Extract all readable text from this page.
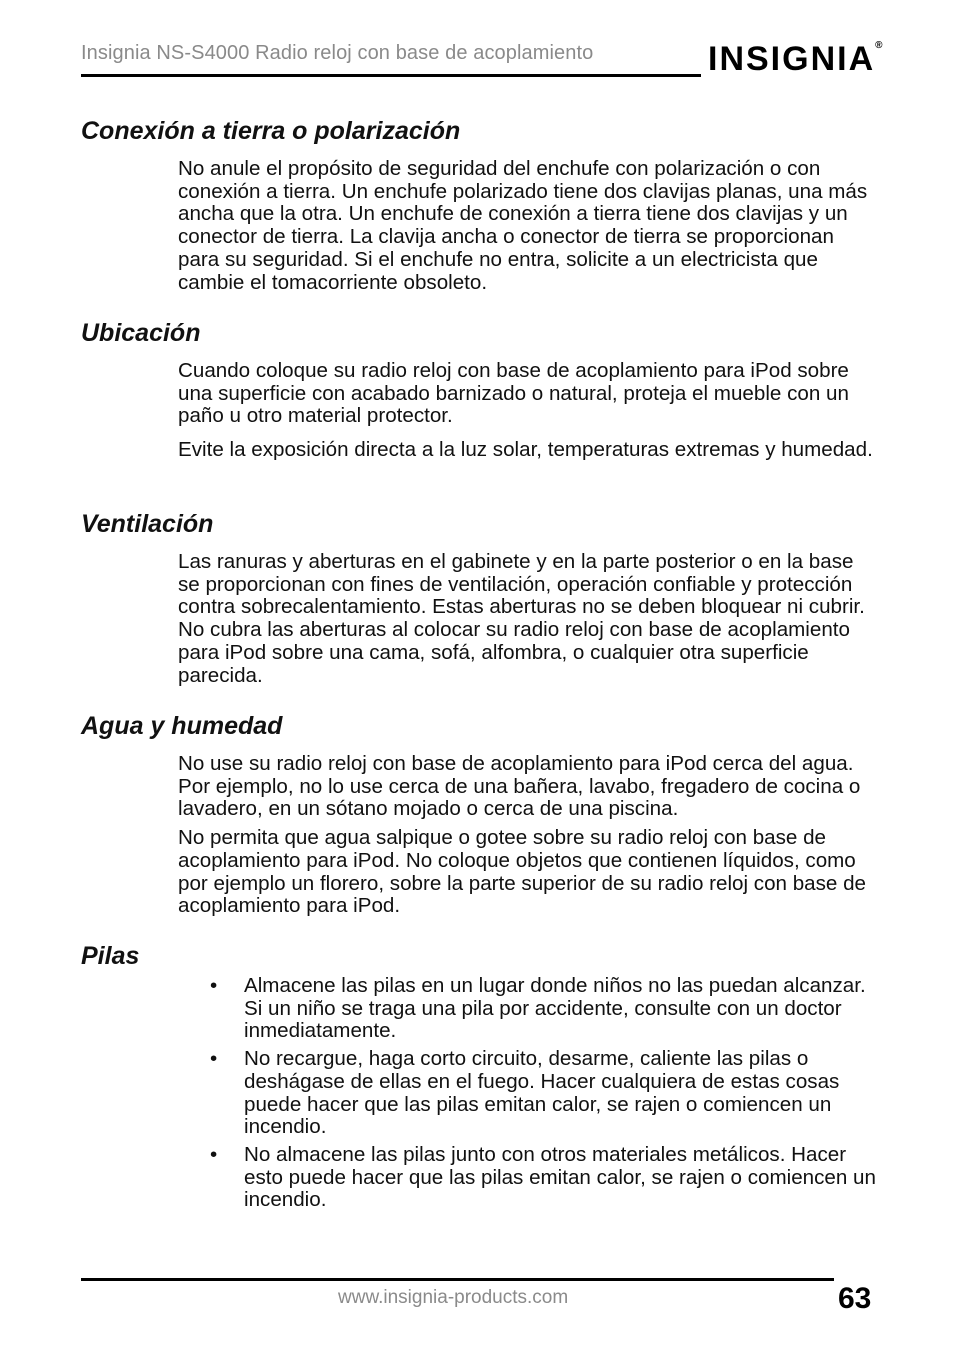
Insignia NS-S4000 Radio reloj con base de acoplamiento	INSIGNIA®
Conexión a tierra o polarización

No anule el propósito de seguridad del enchufe con polarización o con conexión a tierra. Un enchufe polarizado tiene dos clavijas planas, una más ancha que la otra. Un enchufe de conexión a tierra tiene dos clavijas y un conector de tierra. La clavija ancha o conector de tierra se proporcionan para su seguridad. Si el enchufe no entra, solicite a un electricista que cambie el tomacorriente obsoleto.

Ubicación

Cuando coloque su radio reloj con base de acoplamiento para iPod sobre una superficie con acabado barnizado o natural, proteja el mueble con un paño u otro material protector.

Evite la exposición directa a la luz solar, temperaturas extremas y humedad.

Ventilación

Las ranuras y aberturas en el gabinete y en la parte posterior o en la base se proporcionan con fines de ventilación, operación confiable y protección contra sobrecalentamiento. Estas aberturas no se deben bloquear ni cubrir. No cubra las aberturas al colocar su radio reloj con base de acoplamiento para iPod sobre una cama, sofá, alfombra, o cualquier otra superficie parecida.

Agua y humedad

No use su radio reloj con base de acoplamiento para iPod cerca del agua. Por ejemplo, no lo use cerca de una bañera, lavabo, fregadero de cocina o lavadero, en un sótano mojado o cerca de una piscina.

No permita que agua salpique o gotee sobre su radio reloj con base de acoplamiento para iPod. No coloque objetos que contienen líquidos, como por ejemplo un florero, sobre la parte superior de su radio reloj con base de acoplamiento para iPod.

Pilas
• Almacene las pilas en un lugar donde niños no las puedan alcanzar. Si un niño se traga una pila por accidente, consulte con un doctor inmediatamente.
• No recargue, haga corto circuito, desarme, caliente las pilas o deshágase de ellas en el fuego. Hacer cualquiera de estas cosas puede hacer que las pilas emitan calor, se rajen o comiencen un incendio.
• No almacene las pilas junto con otros materiales metálicos. Hacer esto puede hacer que las pilas emitan calor, se rajen o comiencen un incendio.
www.insignia-products.com	63
